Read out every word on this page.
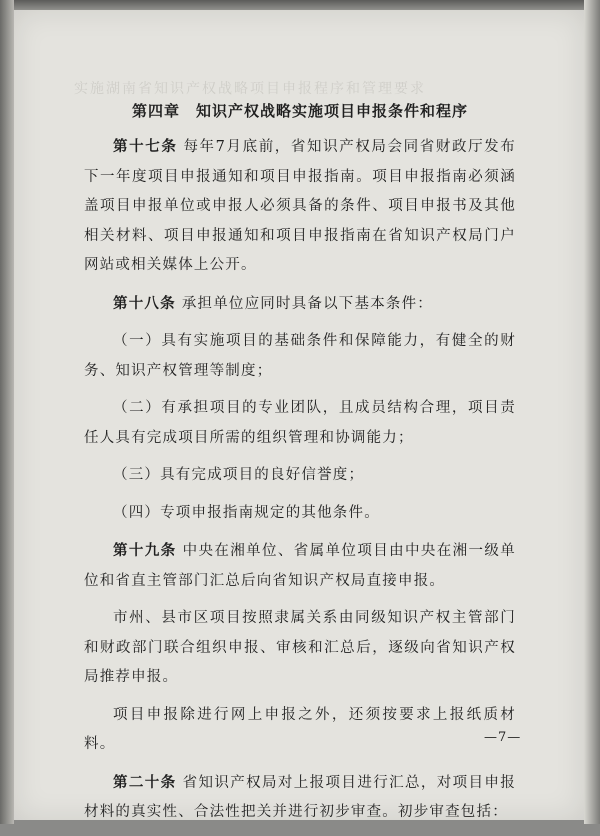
实施湖南省知识产权战略项目申报程序和管理要求
第四章 知识产权战略实施项目申报条件和程序

第十七条 每年7月底前，省知识产权局会同省财政厅发布下一年度项目申报通知和项目申报指南。项目申报指南必须涵盖项目申报单位或申报人必须具备的条件、项目申报书及其他相关材料、项目申报通知和项目申报指南在省知识产权局门户网站或相关媒体上公开。

第十八条 承担单位应同时具备以下基本条件：

（一）具有实施项目的基础条件和保障能力，有健全的财务、知识产权管理等制度；

（二）有承担项目的专业团队，且成员结构合理，项目责任人具有完成项目所需的组织管理和协调能力；

（三）具有完成项目的良好信誉度；

（四）专项申报指南规定的其他条件。

第十九条 中央在湘单位、省属单位项目由中央在湘一级单位和省直主管部门汇总后向省知识产权局直接申报。

市州、县市区项目按照隶属关系由同级知识产权主管部门和财政部门联合组织申报、审核和汇总后，逐级向省知识产权局推荐申报。

项目申报除进行网上申报之外，还须按要求上报纸质材料。

第二十条 省知识产权局对上报项目进行汇总，对项目申报材料的真实性、合法性把关并进行初步审查。初步审查包括：

—7—
